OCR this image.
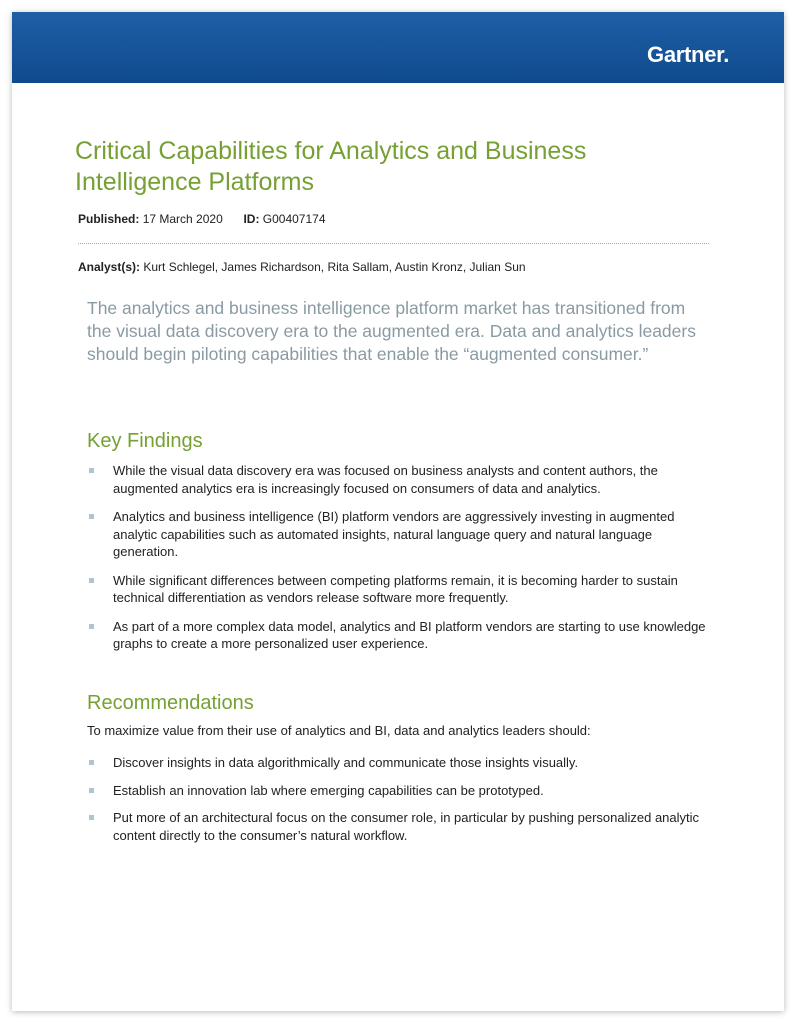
Gartner.
Critical Capabilities for Analytics and Business Intelligence Platforms
Published: 17 March 2020 ID: G00407174
Analyst(s): Kurt Schlegel, James Richardson, Rita Sallam, Austin Kronz, Julian Sun

The analytics and business intelligence platform market has transitioned from the visual data discovery era to the augmented era. Data and analytics leaders should begin piloting capabilities that enable the “augmented consumer.”

Key Findings
While the visual data discovery era was focused on business analysts and content authors, the augmented analytics era is increasingly focused on consumers of data and analytics.
Analytics and business intelligence (BI) platform vendors are aggressively investing in augmented analytic capabilities such as automated insights, natural language query and natural language generation.
While significant differences between competing platforms remain, it is becoming harder to sustain technical differentiation as vendors release software more frequently.
As part of a more complex data model, analytics and BI platform vendors are starting to use knowledge graphs to create a more personalized user experience.
Recommendations

To maximize value from their use of analytics and BI, data and analytics leaders should:

Discover insights in data algorithmically and communicate those insights visually.
Establish an innovation lab where emerging capabilities can be prototyped.
Put more of an architectural focus on the consumer role, in particular by pushing personalized analytic content directly to the consumer’s natural workflow.
